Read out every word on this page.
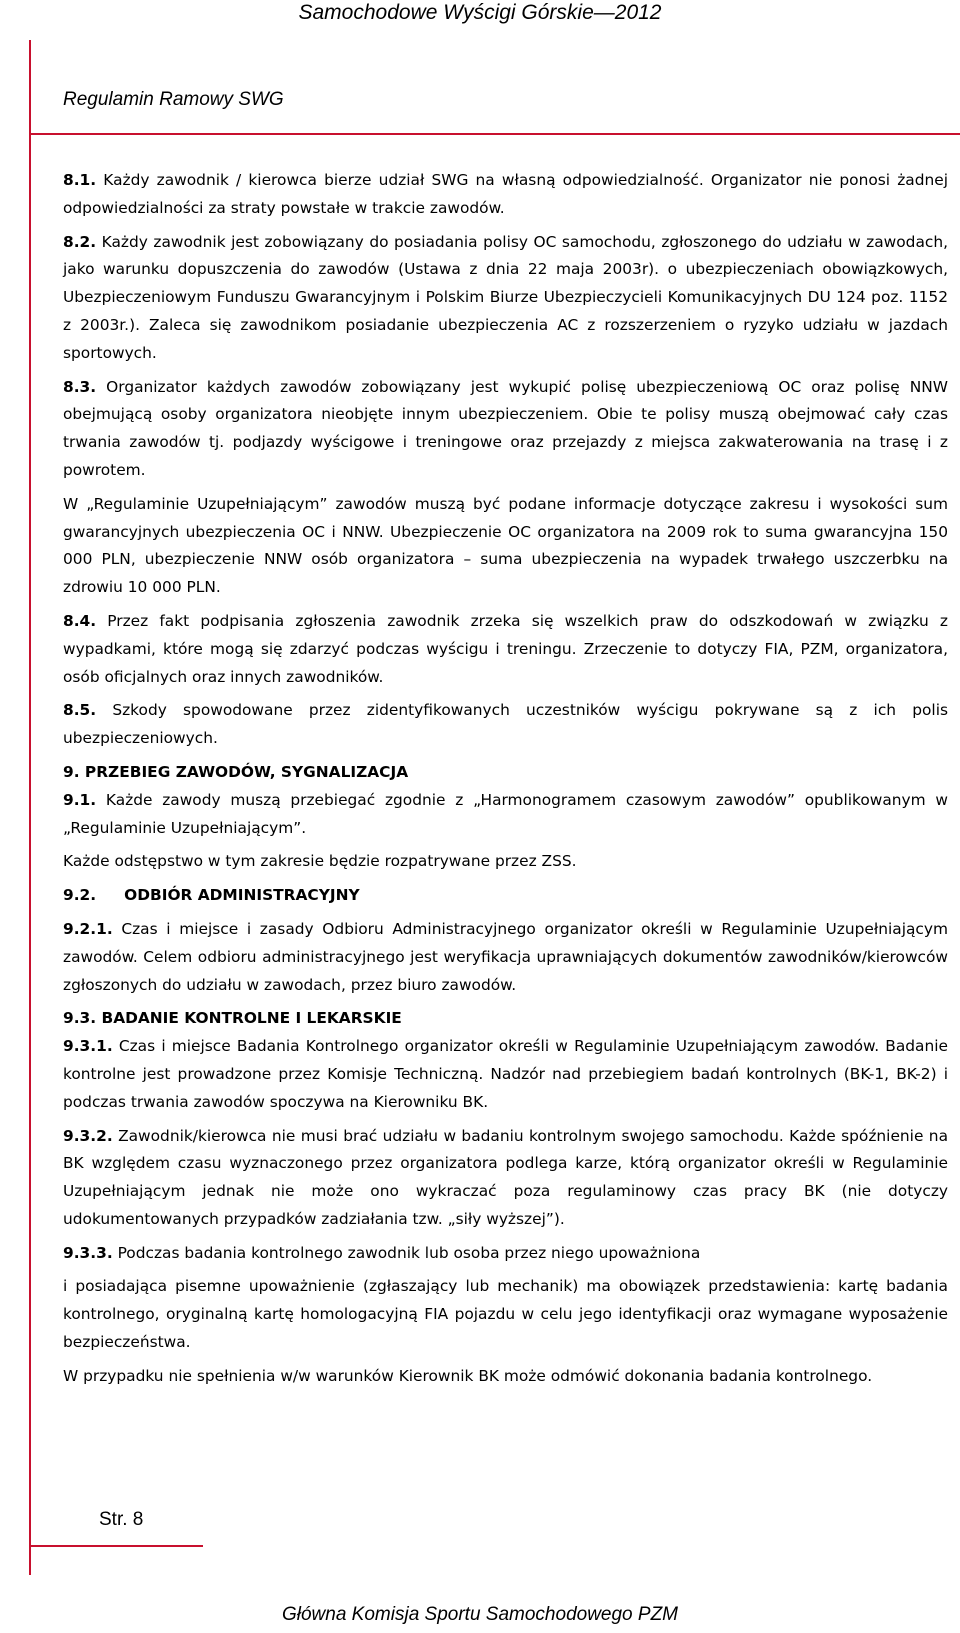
Samochodowe Wyścigi Górskie—2012
Regulamin Ramowy SWG

8.1. Każdy zawodnik / kierowca bierze udział SWG na własną odpowiedzialność. Organizator nie ponosi żadnej odpowiedzialności za straty powstałe w trakcie zawodów.

8.2. Każdy zawodnik jest zobowiązany do posiadania polisy OC samochodu, zgłoszonego do udziału w zawodach, jako warunku dopuszczenia do zawodów (Ustawa z dnia 22 maja 2003r). o ubezpieczeniach obowiązkowych, Ubezpieczeniowym Funduszu Gwarancyjnym i Polskim Biurze Ubezpieczycieli Komunikacyjnych DU 124 poz. 1152 z 2003r.). Zaleca się zawodnikom posiadanie ubezpieczenia AC z rozszerzeniem o ryzyko udziału w jazdach sportowych.

8.3. Organizator każdych zawodów zobowiązany jest wykupić polisę ubezpieczeniową OC oraz polisę NNW obejmującą osoby organizatora nieobjęte innym ubezpieczeniem. Obie te polisy muszą obejmować cały czas trwania zawodów tj. podjazdy wyścigowe i treningowe oraz przejazdy z miejsca zakwaterowania na trasę i z powrotem.

W „Regulaminie Uzupełniającym” zawodów muszą być podane informacje dotyczące zakresu i wysokości sum gwarancyjnych ubezpieczenia OC i NNW. Ubezpieczenie OC organizatora na 2009 rok to suma gwarancyjna 150 000 PLN, ubezpieczenie NNW osób organizatora – suma ubezpieczenia na wypadek trwałego uszczerbku na zdrowiu 10 000 PLN.

8.4. Przez fakt podpisania zgłoszenia zawodnik zrzeka się wszelkich praw do odszkodowań w związku z wypadkami, które mogą się zdarzyć podczas wyścigu i treningu. Zrzeczenie to dotyczy FIA, PZM, organizatora, osób oficjalnych oraz innych zawodników.

8.5. Szkody spowodowane przez zidentyfikowanych uczestników wyścigu pokrywane są z ich polis ubezpieczeniowych.

9. PRZEBIEG ZAWODÓW, SYGNALIZACJA

9.1. Każde zawody muszą przebiegać zgodnie z „Harmonogramem czasowym zawodów” opublikowanym w „Regulaminie Uzupełniającym”.

Każde odstępstwo w tym zakresie będzie rozpatrywane przez ZSS.

9.2. ODBIÓR ADMINISTRACYJNY

9.2.1. Czas i miejsce i zasady Odbioru Administracyjnego organizator określi w Regulaminie Uzupełniającym zawodów. Celem odbioru administracyjnego jest weryfikacja uprawniających dokumentów zawodników/kierowców zgłoszonych do udziału w zawodach, przez biuro zawodów.

9.3. BADANIE KONTROLNE I LEKARSKIE

9.3.1. Czas i miejsce Badania Kontrolnego organizator określi w Regulaminie Uzupełniającym zawodów. Badanie kontrolne jest prowadzone przez Komisje Techniczną. Nadzór nad przebiegiem badań kontrolnych (BK-1, BK-2) i podczas trwania zawodów spoczywa na Kierowniku BK.

9.3.2. Zawodnik/kierowca nie musi brać udziału w badaniu kontrolnym swojego samochodu. Każde spóźnienie na BK względem czasu wyznaczonego przez organizatora podlega karze, którą organizator określi w Regulaminie Uzupełniającym jednak nie może ono wykraczać poza regulaminowy czas pracy BK (nie dotyczy udokumentowanych przypadków zadziałania tzw. „siły wyższej”).

9.3.3. Podczas badania kontrolnego zawodnik lub osoba przez niego upoważniona

i posiadająca pisemne upoważnienie (zgłaszający lub mechanik) ma obowiązek przedstawienia: kartę badania kontrolnego, oryginalną kartę homologacyjną FIA pojazdu w celu jego identyfikacji oraz wymagane wyposażenie bezpieczeństwa.

W przypadku nie spełnienia w/w warunków Kierownik BK może odmówić dokonania badania kontrolnego.

Str. 8
Główna Komisja Sportu Samochodowego PZM
